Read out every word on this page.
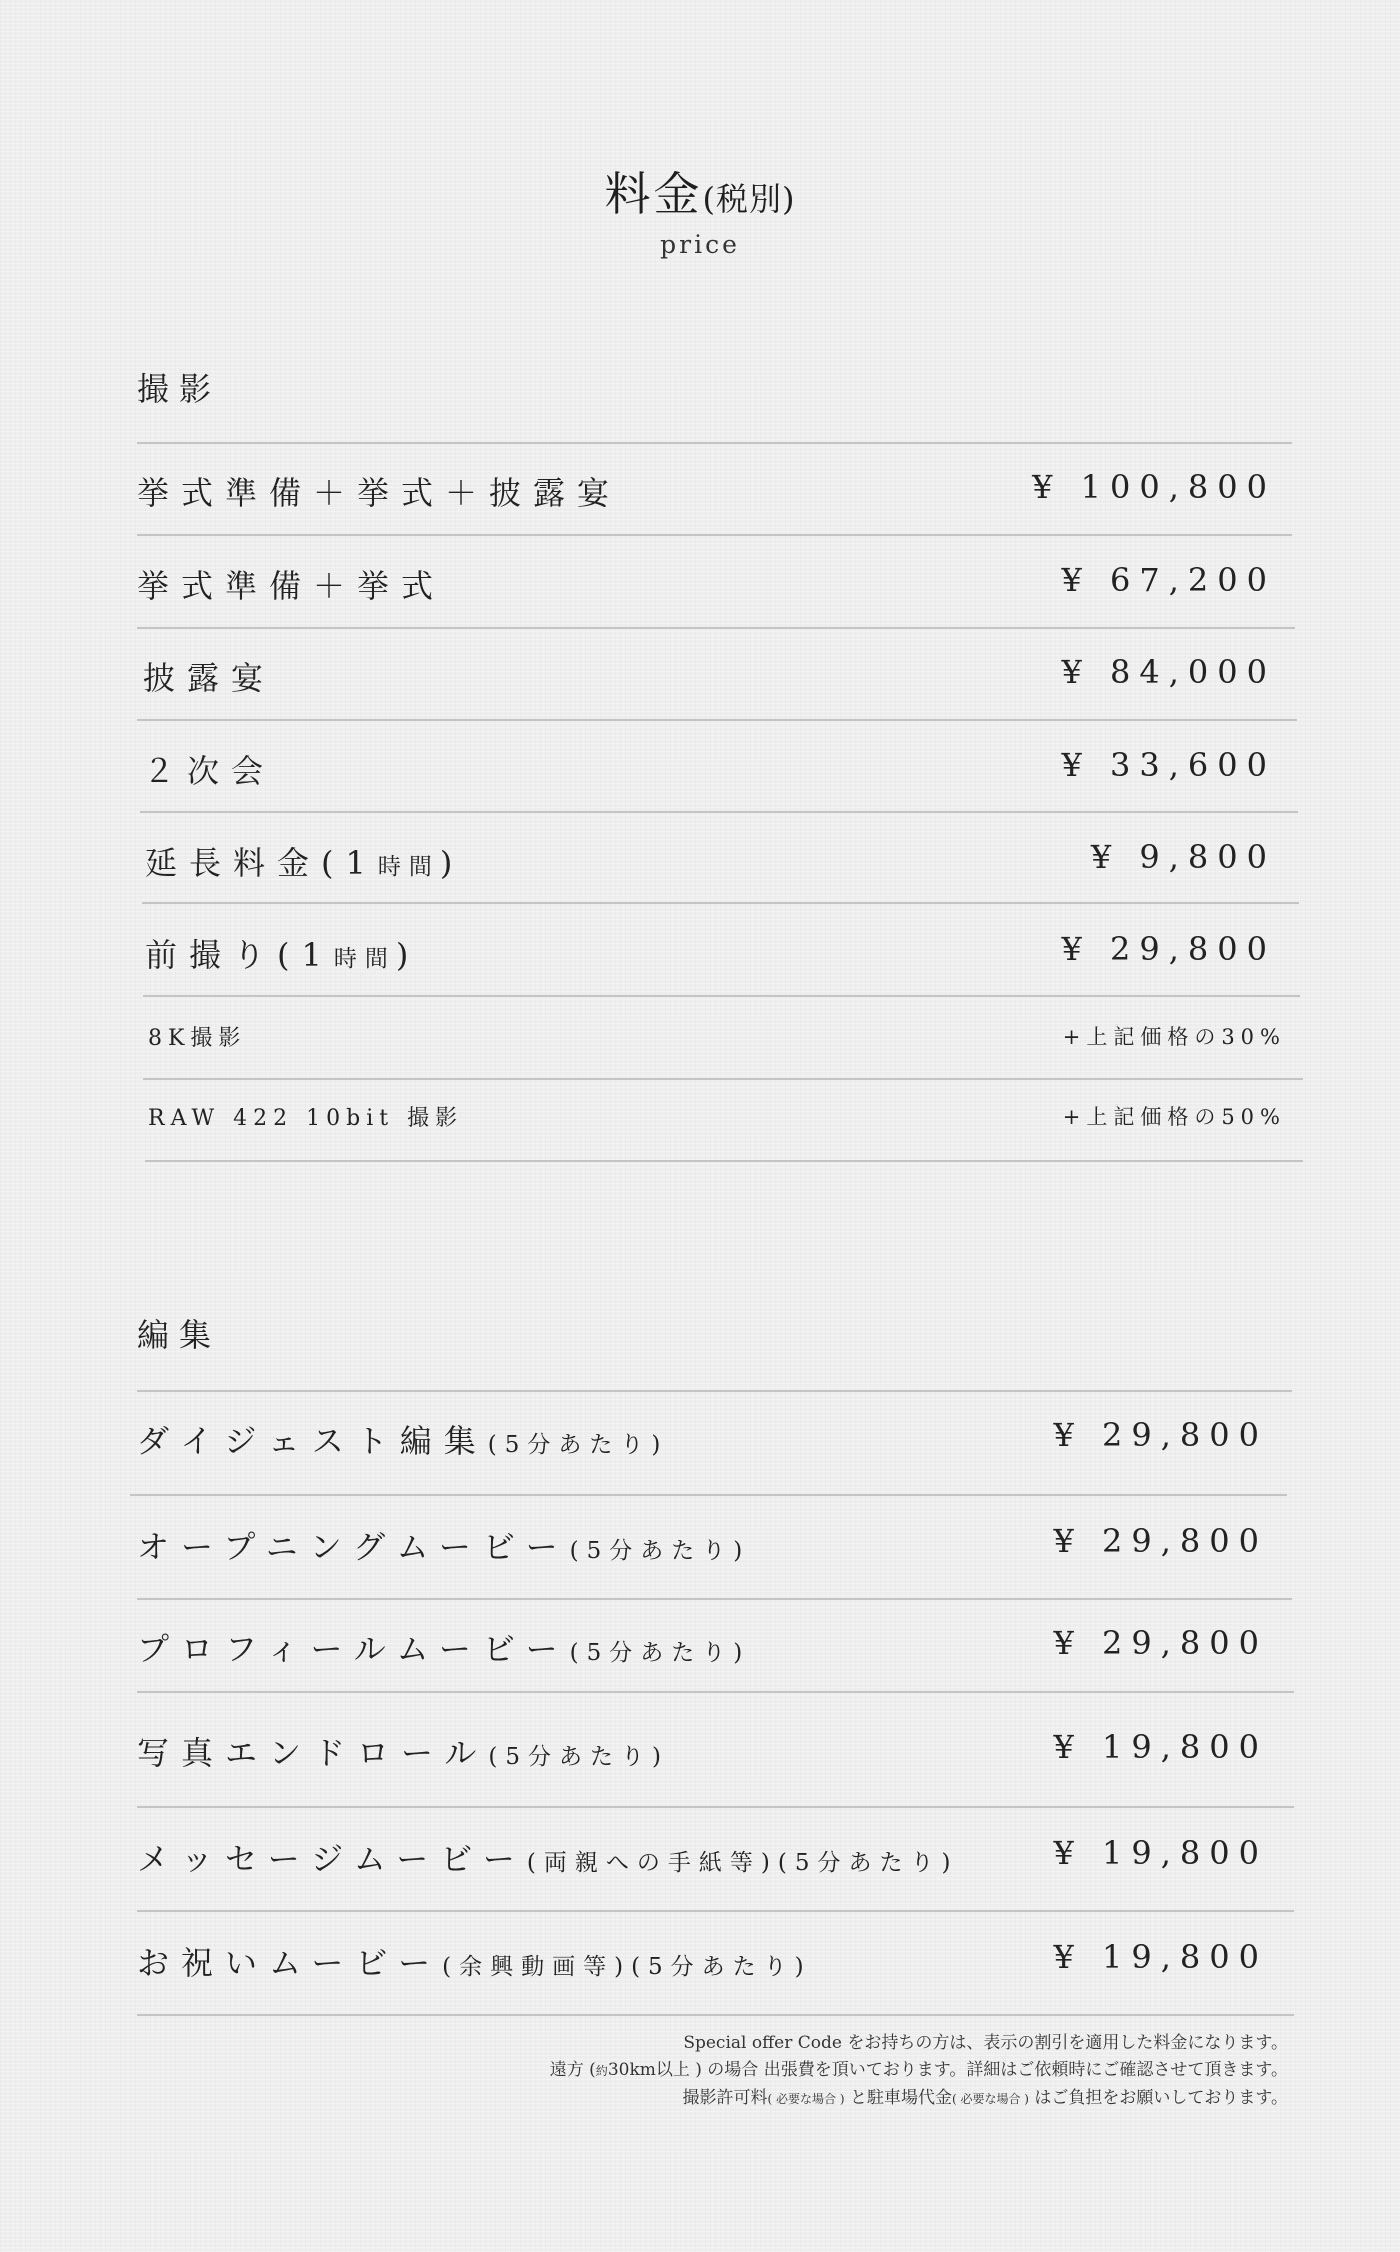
料金(税別)
price
撮影
挙式準備＋挙式＋披露宴	¥ 100,800
挙式準備＋挙式	¥ 67,200
披露宴	¥ 84,000
２次会	¥ 33,600
延長料金(1時間)	¥ 9,800
前撮り(1時間)	¥ 29,800
8K撮影	+上記価格の30%
RAW 422 10bit 撮影	+上記価格の50%
編集
ダイジェスト編集(5分あたり)	¥ 29,800
オープニングムービー(5分あたり)	¥ 29,800
プロフィールムービー(5分あたり)	¥ 29,800
写真エンドロール(5分あたり)	¥ 19,800
メッセージムービー(両親への手紙等)(5分あたり)	¥ 19,800
お祝いムービー(余興動画等)(5分あたり)	¥ 19,800
Special offer Code をお持ちの方は、表示の割引を適用した料金になります。
遠方 (約30km以上 ) の場合 出張費を頂いております。詳細はご依頼時にご確認させて頂きます。
撮影許可料( 必要な場合 ) と駐車場代金( 必要な場合 ) はご負担をお願いしております。
